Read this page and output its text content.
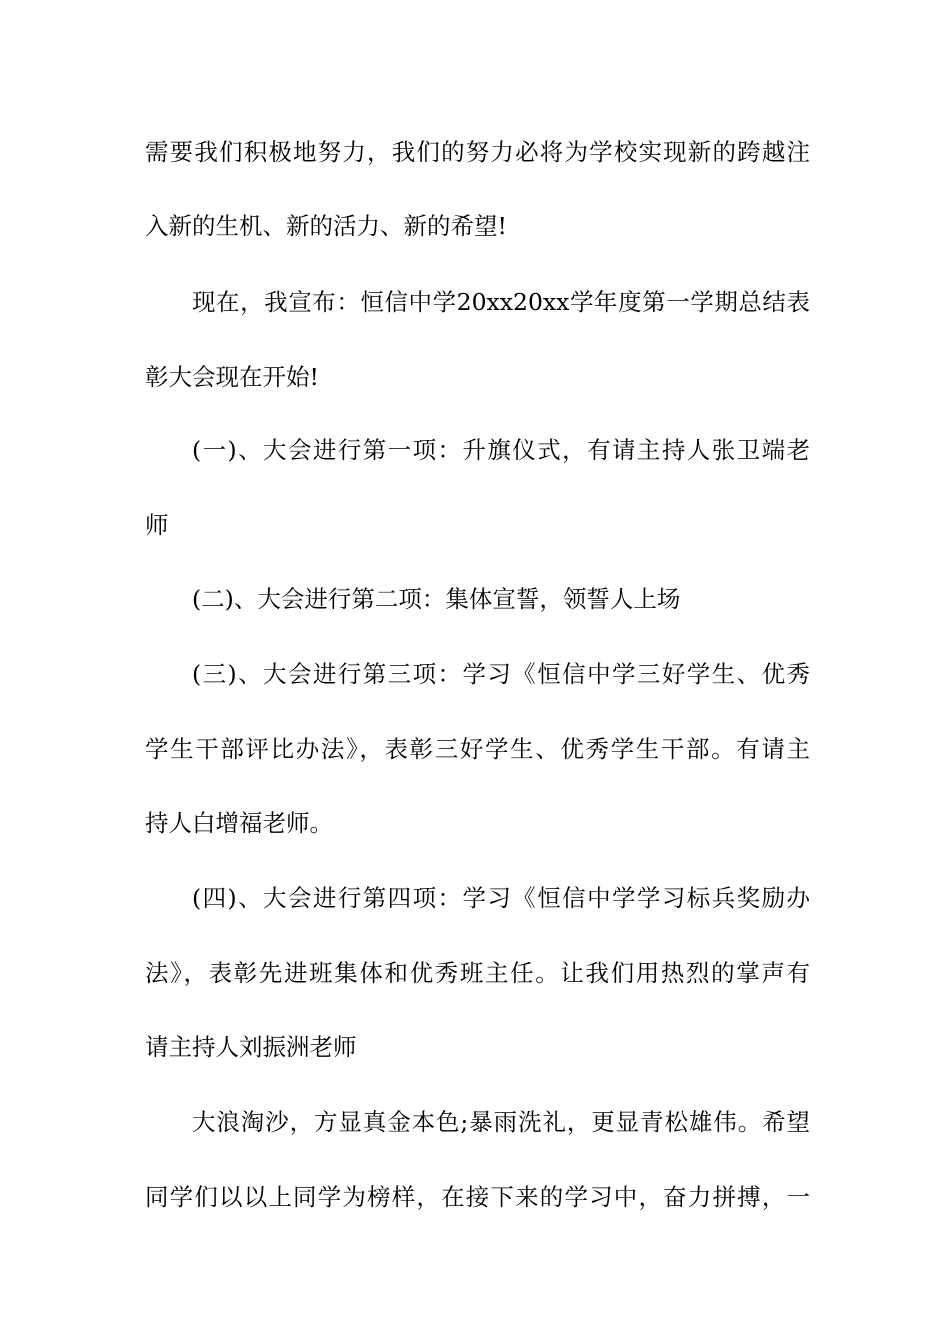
需要我们积极地努力，我们的努力必将为学校实现新的跨越注
入新的生机、新的活力、新的希望!
现在，我宣布：恒信中学20xx20xx学年度第一学期总结表
彰大会现在开始!
(一)、大会进行第一项：升旗仪式，有请主持人张卫端老
师
(二)、大会进行第二项：集体宣誓，领誓人上场
(三)、大会进行第三项：学习《恒信中学三好学生、优秀
学生干部评比办法》，表彰三好学生、优秀学生干部。有请主
持人白增福老师。
(四)、大会进行第四项：学习《恒信中学学习标兵奖励办
法》，表彰先进班集体和优秀班主任。让我们用热烈的掌声有
请主持人刘振洲老师
大浪淘沙，方显真金本色;暴雨洗礼，更显青松雄伟。希望
同学们以以上同学为榜样，在接下来的学习中，奋力拼搏，一
